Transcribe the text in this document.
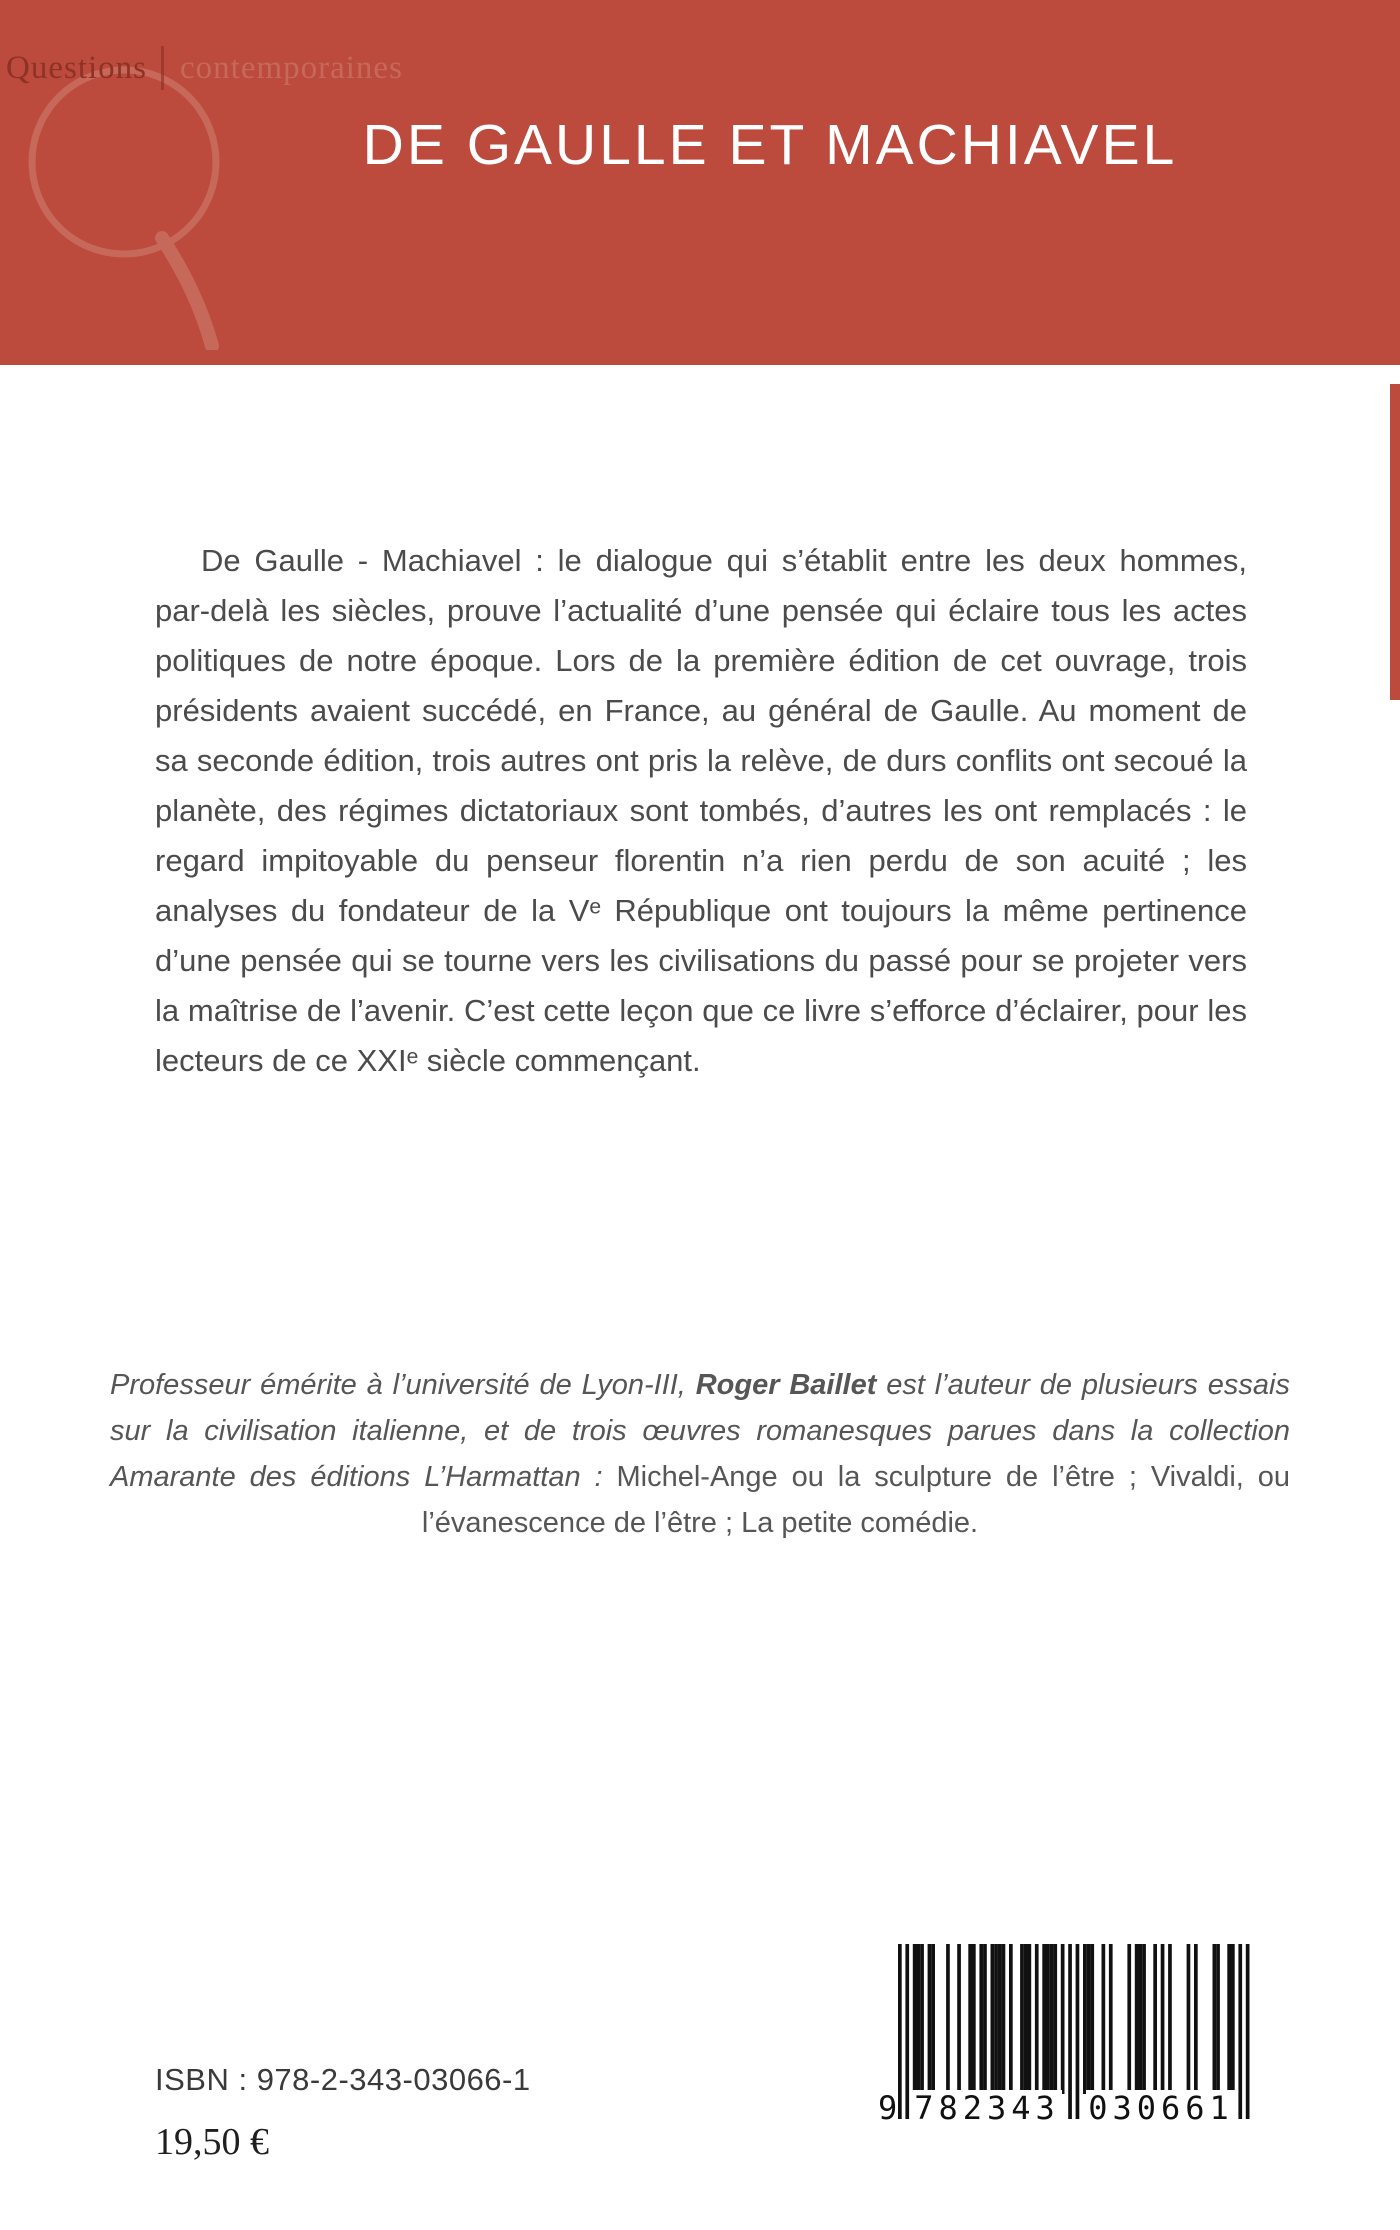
Questions contemporaines
DE GAULLE ET MACHIAVEL

De Gaulle - Machiavel : le dialogue qui s’établit entre les deux hommes, par-delà les siècles, prouve l’actualité d’une pensée qui éclaire tous les actes politiques de notre époque. Lors de la première édition de cet ouvrage, trois présidents avaient succédé, en France, au général de Gaulle. Au moment de sa seconde édition, trois autres ont pris la relève, de durs conflits ont secoué la planète, des régimes dictatoriaux sont tombés, d’autres les ont remplacés : le regard impitoyable du penseur florentin n’a rien perdu de son acuité ; les analyses du fondateur de la Vᵉ République ont toujours la même pertinence d’une pensée qui se tourne vers les civilisations du passé pour se projeter vers la maîtrise de l’avenir. C’est cette leçon que ce livre s’efforce d’éclairer, pour les lecteurs de ce XXIᵉ siècle commençant.

Professeur émérite à l’université de Lyon-III, Roger Baillet est l’auteur de plusieurs essais sur la civilisation italienne, et de trois œuvres romanesques parues dans la collection Amarante des éditions L’Harmattan : Michel-Ange ou la sculpture de l’être ; Vivaldi, ou l’évanescence de l’être ; La petite comédie.

ISBN : 978-2-343-03066-1
19,50 €
9 782343 030661
